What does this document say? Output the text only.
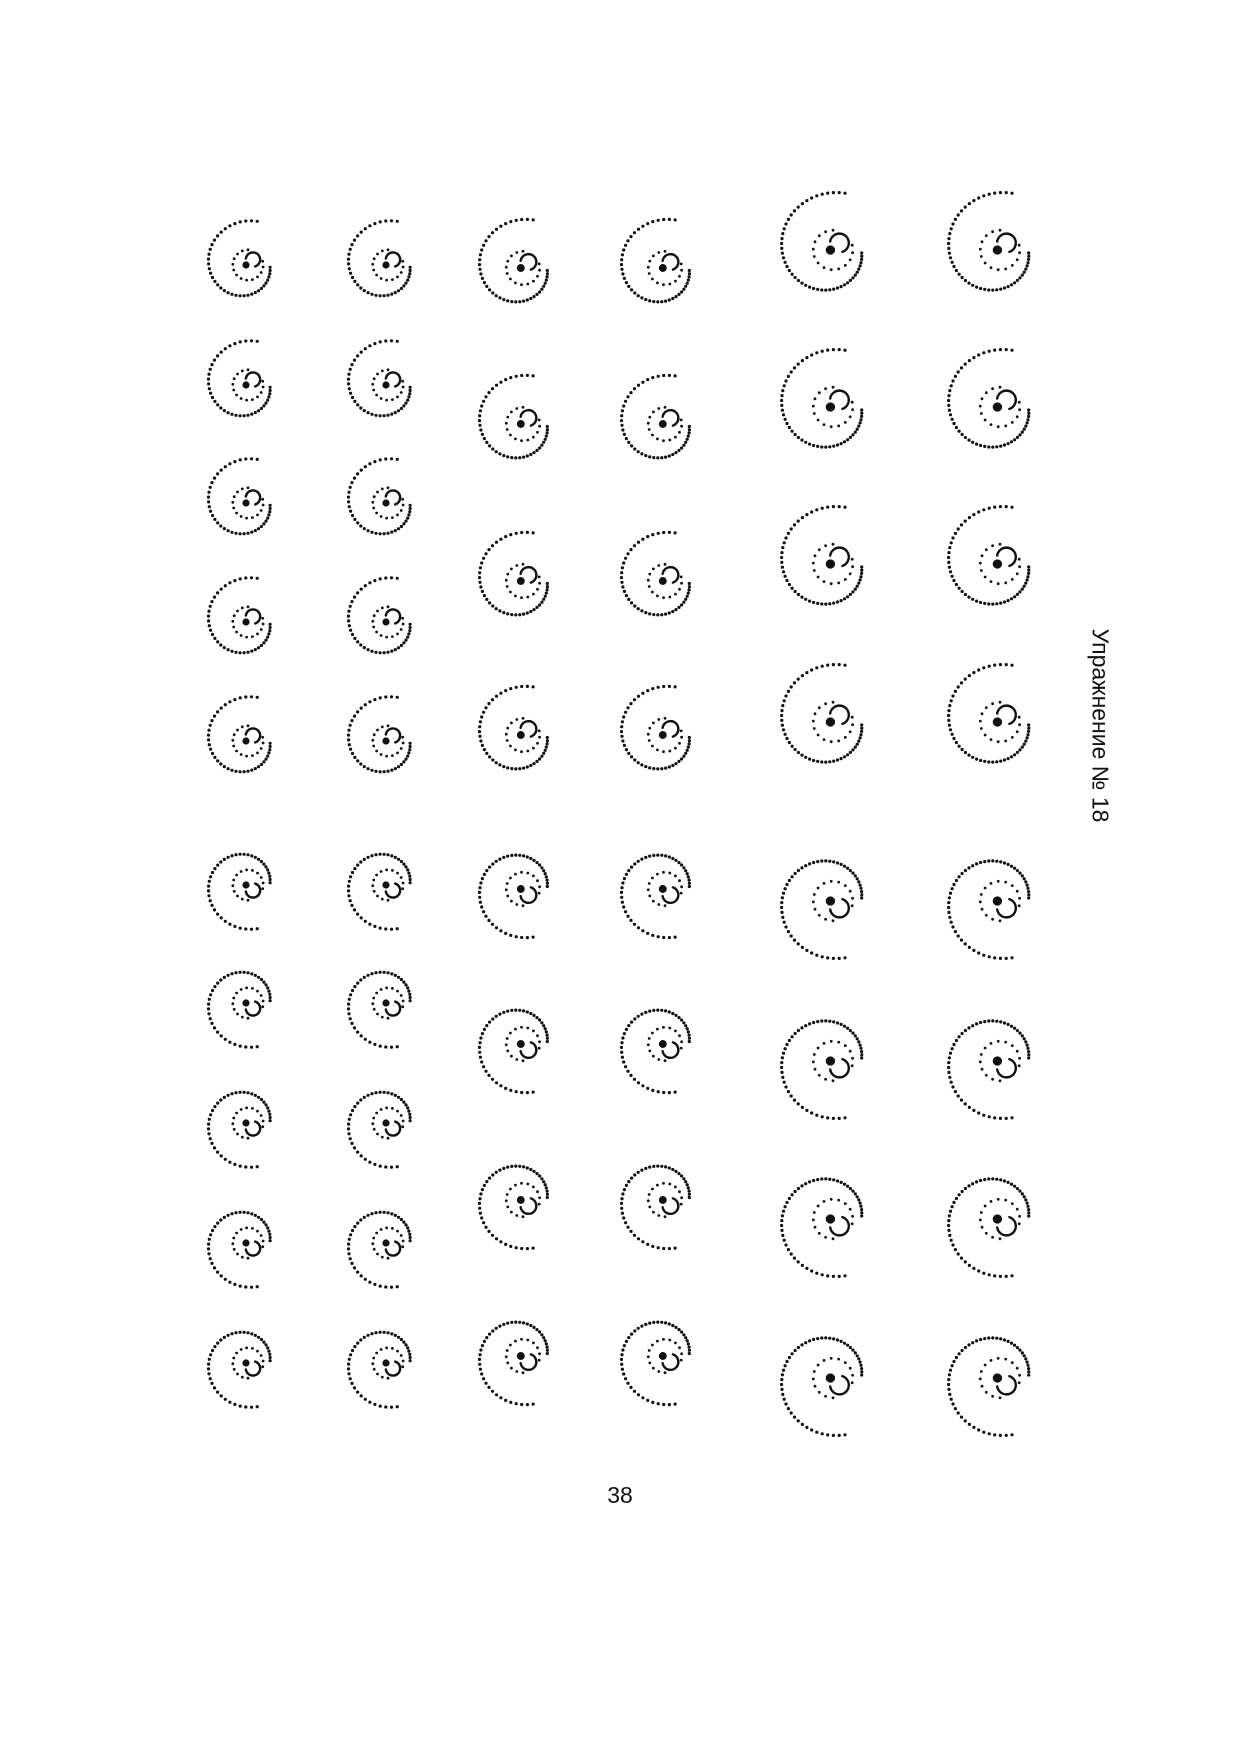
Упражнение № 18
38
